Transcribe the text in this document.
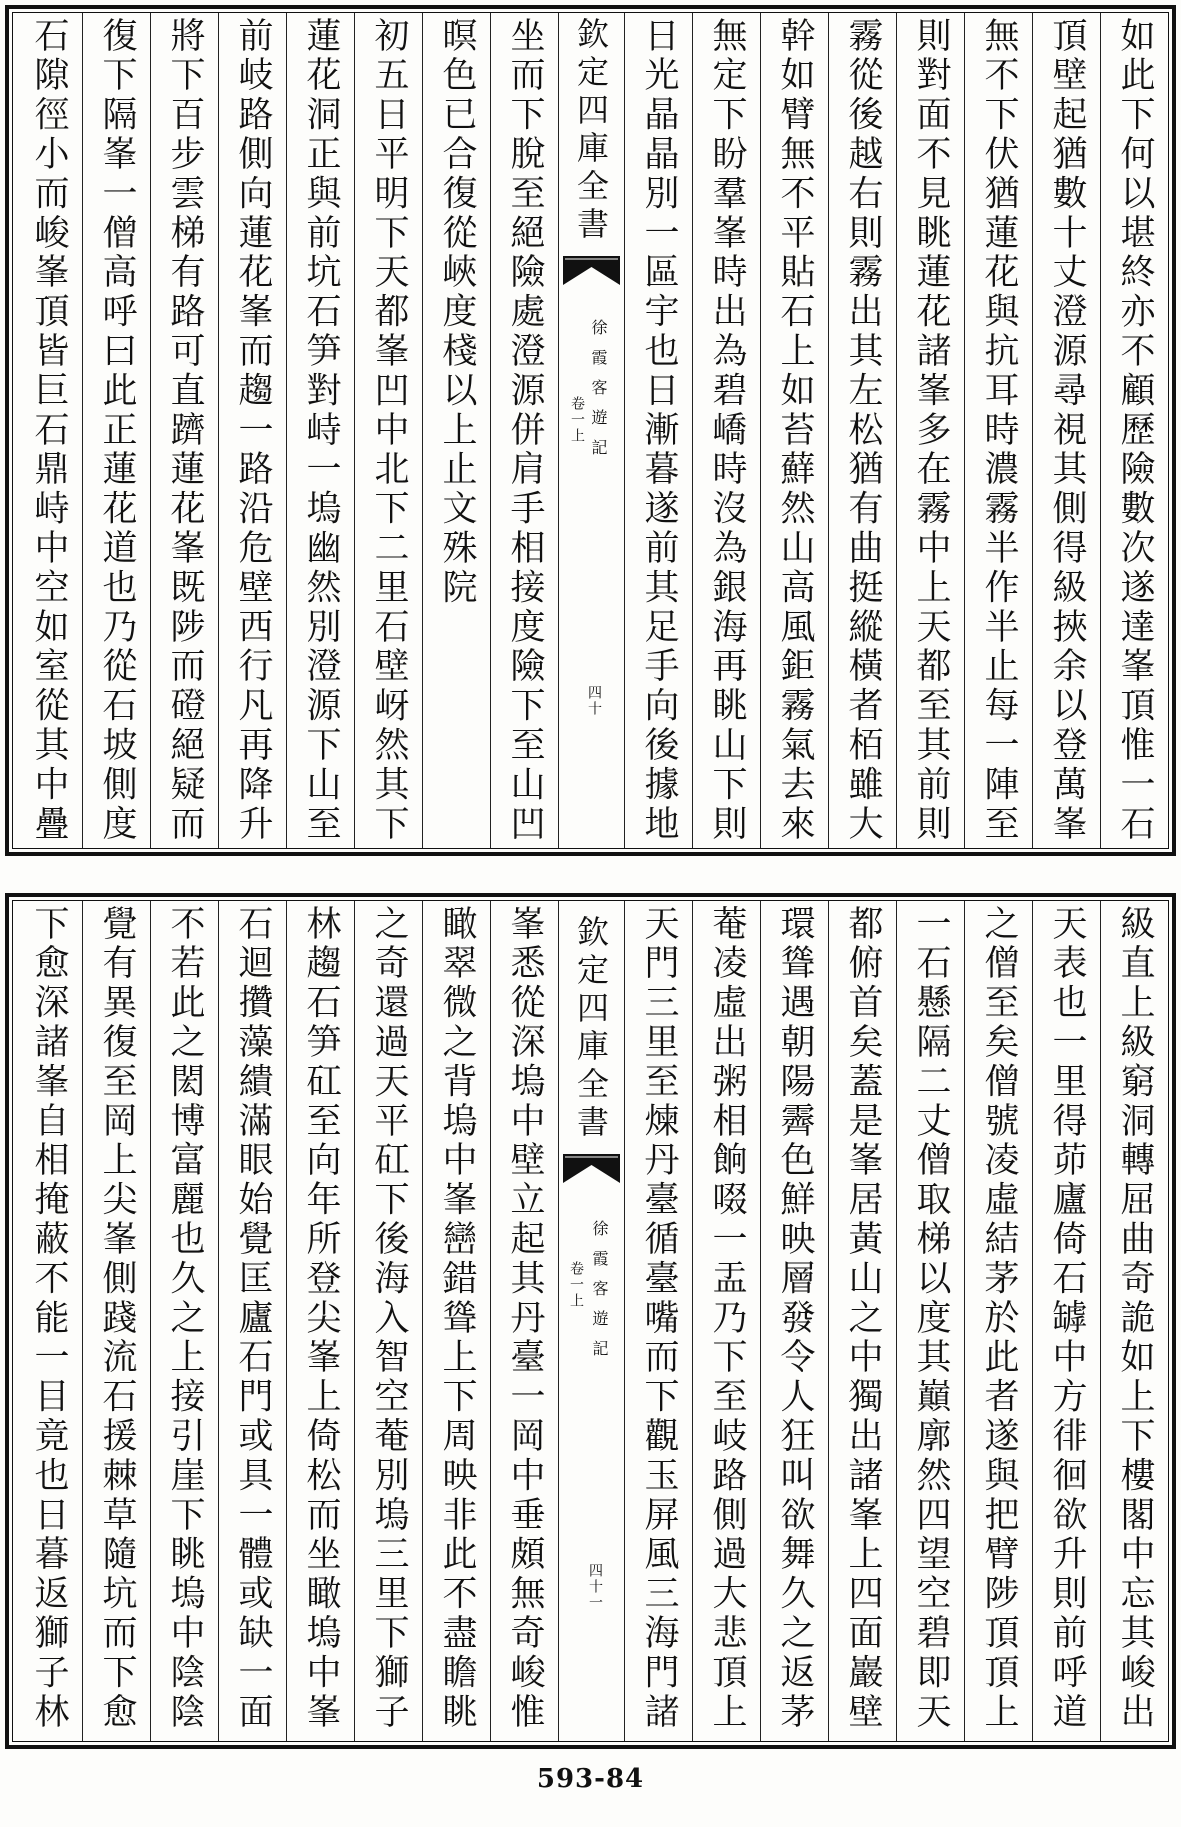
如此下何以堪終亦不顧歷險數次遂達峯頂惟一石
頂壁起猶數十丈澄源尋視其側得級挾余以登萬峯
無不下伏猶蓮花與抗耳時濃霧半作半止每一陣至
則對面不見眺蓮花諸峯多在霧中上天都至其前則
霧從後越右則霧出其左松猶有曲挺縱橫者栢雖大
幹如臂無不平貼石上如苔蘚然山高風鉅霧氣去來
無定下盼羣峯時出為碧嶠時沒為銀海再眺山下則
日光晶晶別一區宇也日漸暮遂前其足手向後據地
欽定四庫全書
徐霞客遊記
卷一上
四十
坐而下脫至絕險處澄源併肩手相接度險下至山凹
暝色已合復從峽度棧以上止文殊院
初五日平明下天都峯凹中北下二里石壁岈然其下
蓮花洞正與前坑石笋對峙一塢幽然別澄源下山至
前岐路側向蓮花峯而趨一路沿危壁西行凡再降升
將下百步雲梯有路可直躋蓮花峯既陟而磴絕疑而
復下隔峯一僧高呼曰此正蓮花道也乃從石坡側度
石隙徑小而峻峯頂皆巨石鼎峙中空如室從其中疊
級直上級窮洞轉屈曲奇詭如上下樓閣中忘其峻出
天表也一里得茆廬倚石罅中方徘徊欲升則前呼道
之僧至矣僧號凌虛結茅於此者遂與把臂陟頂頂上
一石懸隔二丈僧取梯以度其巔廓然四望空碧即天
都俯首矣蓋是峯居黃山之中獨出諸峯上四面巖壁
環聳遇朝陽霽色鮮映層發令人狂叫欲舞久之返茅
菴凌虛出粥相餉啜一盂乃下至岐路側過大悲頂上
天門三里至煉丹臺循臺嘴而下觀玉屏風三海門諸
欽定四庫全書
徐霞客遊記
卷一上
四十一
峯悉從深塢中壁立起其丹臺一岡中垂頗無奇峻惟
瞰翠微之背塢中峯巒錯聳上下周映非此不盡瞻眺
之奇還過天平矼下後海入智空菴別塢三里下獅子
林趨石笋矼至向年所登尖峯上倚松而坐瞰塢中峯
石迴攢藻繢滿眼始覺匡廬石門或具一體或缺一面
不若此之閎博富麗也久之上接引崖下眺塢中陰陰
覺有異復至岡上尖峯側踐流石援棘草隨坑而下愈
下愈深諸峯自相掩蔽不能一目竟也日暮返獅子林
593-84
